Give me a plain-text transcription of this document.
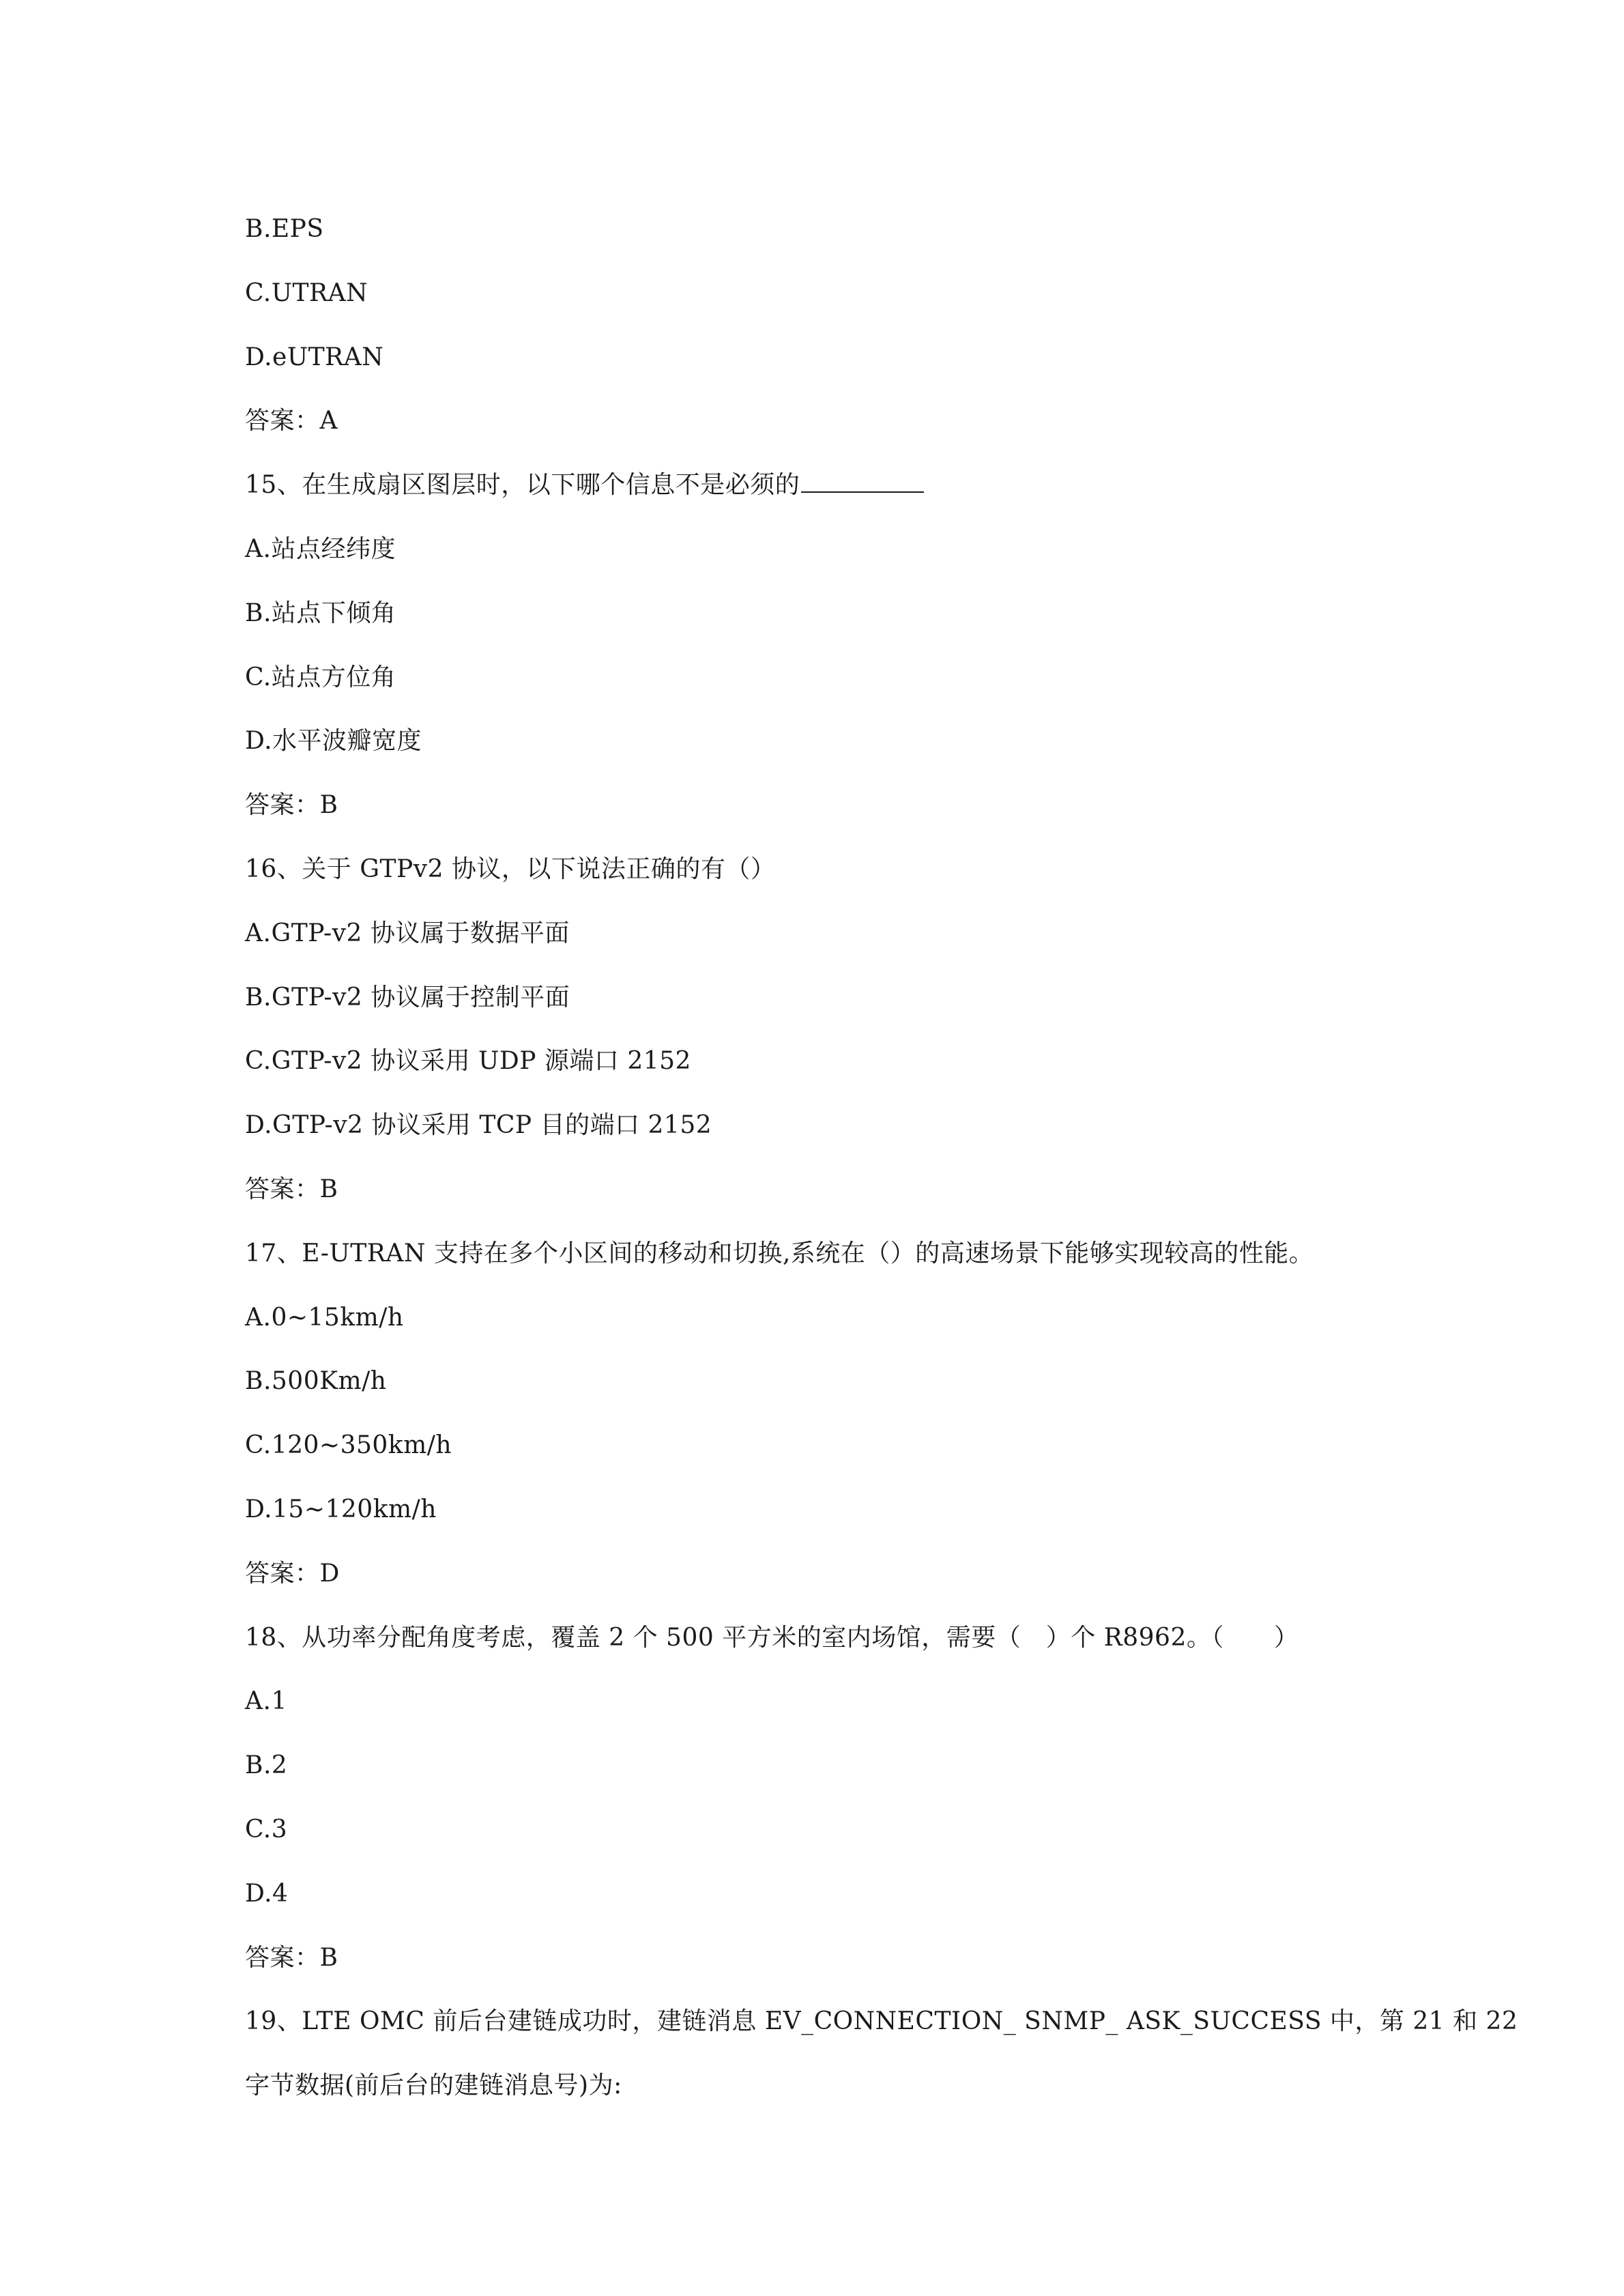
B.EPS
C.UTRAN
D.eUTRAN
答案：A
15、在生成扇区图层时，以下哪个信息不是必须的
A.站点经纬度
B.站点下倾角
C.站点方位角
D.水平波瓣宽度
答案：B
16、关于 GTPv2 协议，以下说法正确的有（）
A.GTP-v2 协议属于数据平面
B.GTP-v2 协议属于控制平面
C.GTP-v2 协议采用 UDP 源端口 2152
D.GTP-v2 协议采用 TCP 目的端口 2152
答案：B
17、E-UTRAN 支持在多个小区间的移动和切换,系统在（）的高速场景下能够实现较高的性能。
A.0~15km/h
B.500Km/h
C.120~350km/h
D.15~120km/h
答案：D
18、从功率分配角度考虑，覆盖 2 个 500 平方米的室内场馆，需要（　）个 R8962。（　　）
A.1
B.2
C.3
D.4
答案：B
19、LTE OMC 前后台建链成功时，建链消息 EV_CONNECTION_ SNMP_ ASK_SUCCESS 中，第 21 和 22
字节数据(前后台的建链消息号)为:
